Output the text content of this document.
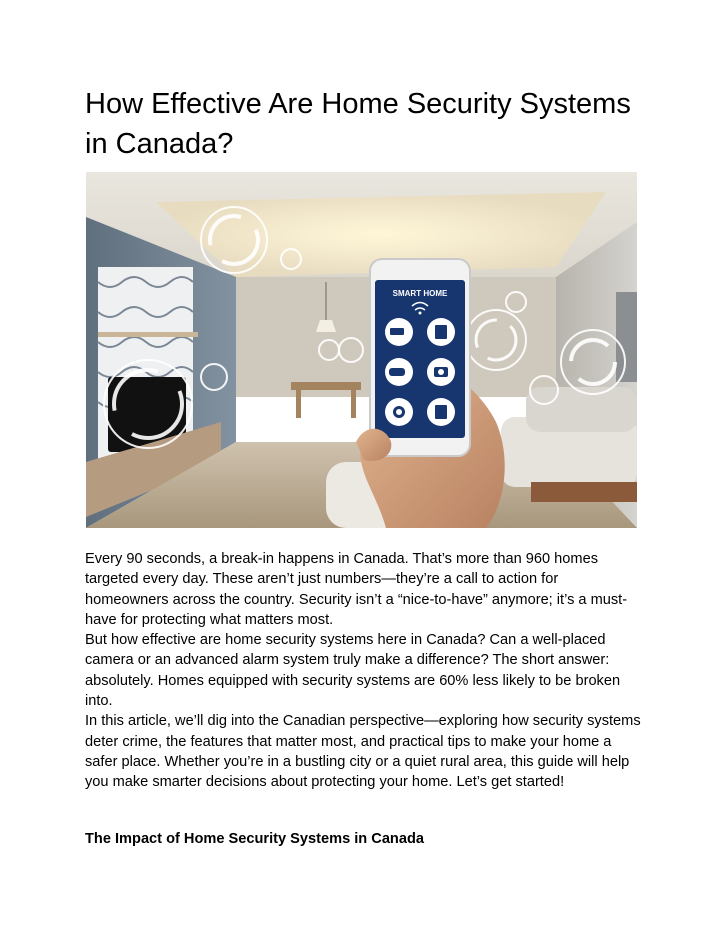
How Effective Are Home Security Systems in Canada?
SMART HOME

Every 90 seconds, a break-in happens in Canada. That’s more than 960 homes targeted every day. These aren’t just numbers—they’re a call to action for homeowners across the country. Security isn’t a “nice-to-have” anymore; it’s a must-have for protecting what matters most.

But how effective are home security systems here in Canada? Can a well-placed camera or an advanced alarm system truly make a difference? The short answer: absolutely. Homes equipped with security systems are 60% less likely to be broken into.

In this article, we’ll dig into the Canadian perspective—exploring how security systems deter crime, the features that matter most, and practical tips to make your home a safer place. Whether you’re in a bustling city or a quiet rural area, this guide will help you make smarter decisions about protecting your home. Let’s get started!

The Impact of Home Security Systems in Canada
